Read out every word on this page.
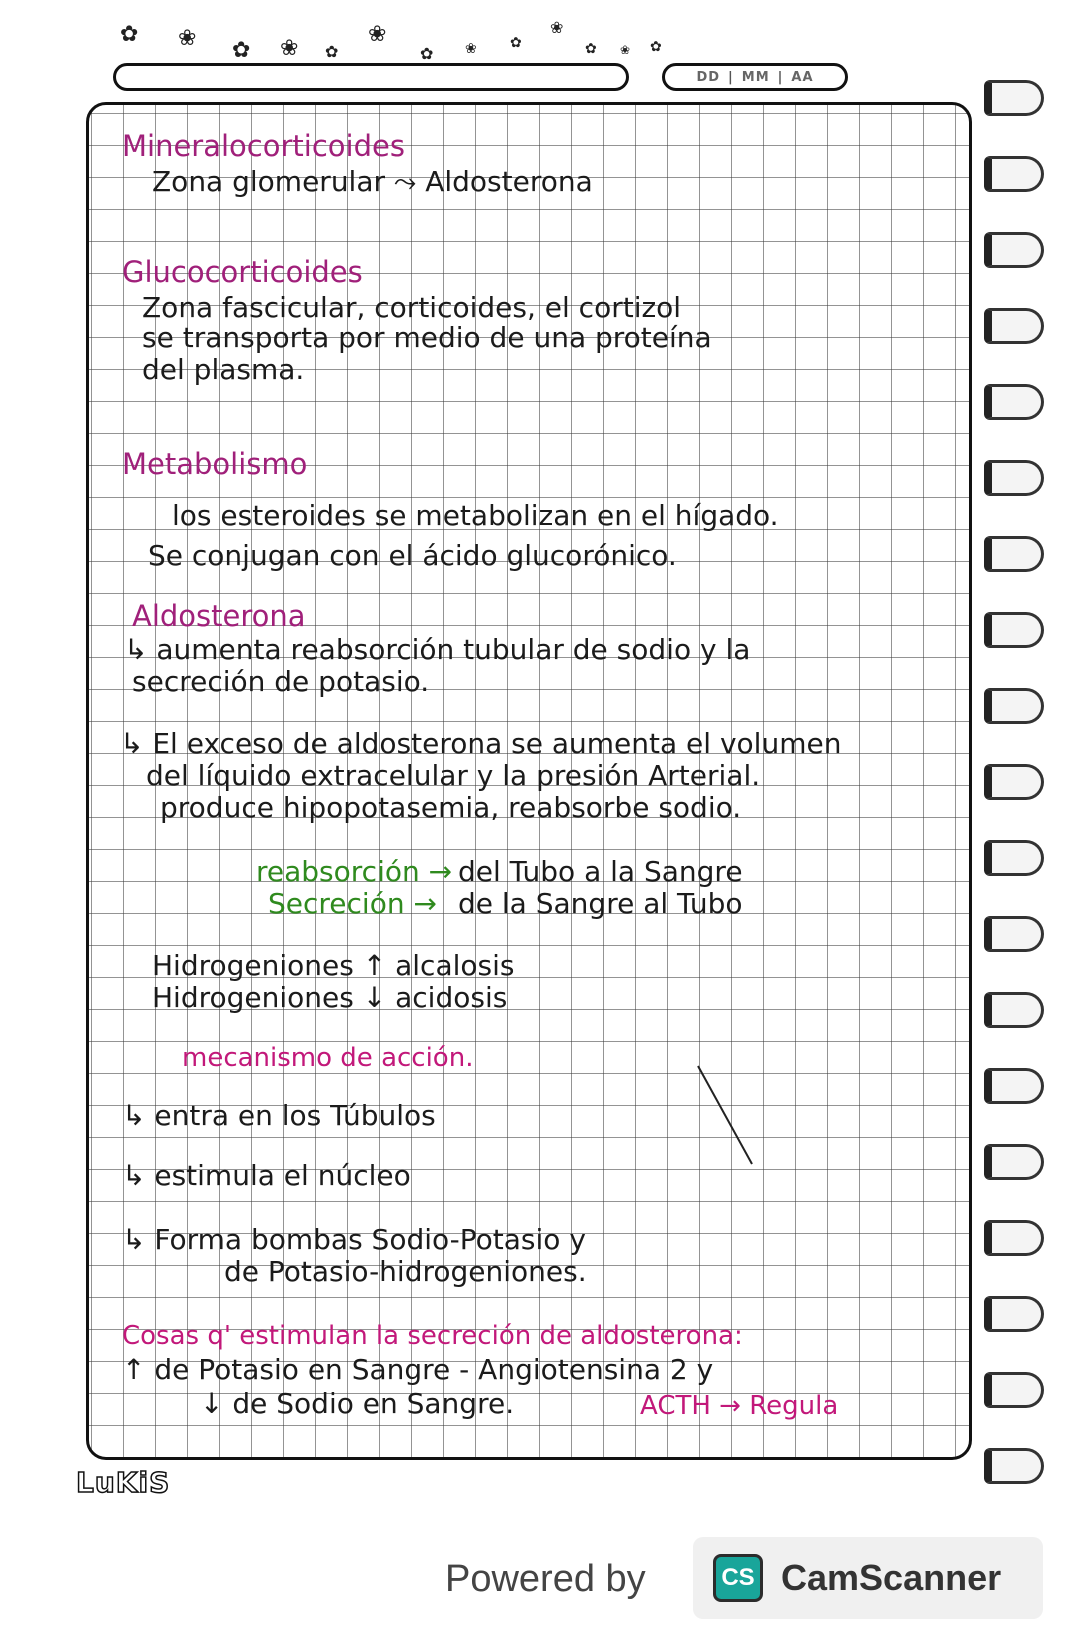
✿ ❀ ✿ ❀ ✿
❀
✿ ❀ ✿
❀
✿ ❀ ✿
DD | MM | AA
Mineralocorticoides
Zona glomerular ⤳ Aldosterona
Glucocorticoides
Zona fascicular, corticoides, el cortizol
se transporta por medio de una proteína
del plasma.
Metabolismo
los esteroides se metabolizan en el hígado.
Se conjugan con el ácido glucorónico.
Aldosterona
↳ aumenta reabsorción tubular de sodio y la
secreción de potasio.
↳ El exceso de aldosterona se aumenta el volumen
del líquido extracelular y la presión Arterial.
produce hipopotasemia, reabsorbe sodio.
reabsorción → del Tubo a la Sangre
Secreción → de la Sangre al Tubo
Hidrogeniones ↑ alcalosis
Hidrogeniones ↓ acidosis
mecanismo de acción.
↳ entra en los Túbulos
↳ estimula el núcleo
↳ Forma bombas Sodio-Potasio y
de Potasio-hidrogeniones.
Cosas q' estimulan la secreción de aldosterona:
↑ de Potasio en Sangre - Angiotensina 2 y
↓ de Sodio en Sangre.	ACTH → Regula
LuKiS
Powered by	CS CamScanner
